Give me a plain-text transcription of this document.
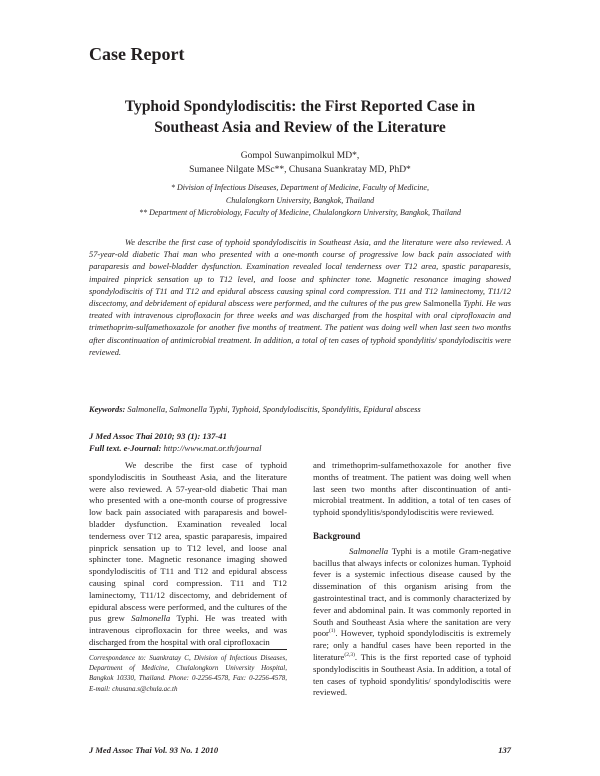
Case Report
Typhoid Spondylodiscitis: the First Reported Case in
Southeast Asia and Review of the Literature
Gompol Suwanpimolkul MD*,
Sumanee Nilgate MSc**, Chusana Suankratay MD, PhD*
* Division of Infectious Diseases, Department of Medicine, Faculty of Medicine,
Chulalongkorn University, Bangkok, Thailand
** Department of Microbiology, Faculty of Medicine, Chulalongkorn University, Bangkok, Thailand

We describe the first case of typhoid spondylodiscitis in Southeast Asia, and the literature were also reviewed. A 57-year-old diabetic Thai man who presented with a one-month course of progressive low back pain associated with paraparesis and bowel-bladder dysfunction. Examination revealed local tenderness over T12 area, spastic paraparesis, impaired pinprick sensation up to T12 level, and loose and sphincter tone. Magnetic resonance imaging showed spondylodiscitis of T11 and T12 and epidural abscess causing spinal cord compression. T11 and T12 laminectomy, T11/12 discectomy, and debridement of epidural abscess were performed, and the cultures of the pus grew Salmonella Typhi. He was treated with intravenous ciprofloxacin for three weeks and was discharged from the hospital with oral ciprofloxacin and trimethoprim-sulfamethoxazole for another five months of treatment. The patient was doing well when last seen two months after discontinuation of antimicrobial treatment. In addition, a total of ten cases of typhoid spondylitis/ spondylodiscitis were reviewed.

Keywords: Salmonella, Salmonella Typhi, Typhoid, Spondylodiscitis, Spondylitis, Epidural abscess
J Med Assoc Thai 2010; 93 (1): 137-41
Full text. e-Journal: http://www.mat.or.th/journal

We describe the first case of typhoid spondylodiscitis in Southeast Asia, and the literature were also reviewed. A 57-year-old diabetic Thai man who presented with a one-month course of progressive low back pain associated with paraparesis and bowel-bladder dysfunction. Examination revealed local tenderness over T12 area, spastic paraparesis, impaired pinprick sensation up to T12 level, and loose anal sphincter tone. Magnetic resonance imaging showed spondylodiscitis of T11 and T12 and epidural abscess causing spinal cord compression. T11 and T12 laminectomy, T11/12 discectomy, and debridement of epidural abscess were performed, and the cultures of the pus grew Salmonella Typhi. He was treated with intravenous ciprofloxacin for three weeks, and was discharged from the hospital with oral ciprofloxacin

and trimethoprim-sulfamethoxazole for another five months of treatment. The patient was doing well when last seen two months after discontinuation of anti-microbial treatment. In addition, a total of ten cases of typhoid spondylitis/spondylodiscitis were reviewed.

Background

Salmonella Typhi is a motile Gram-negative bacillus that always infects or colonizes human. Typhoid fever is a systemic infectious disease caused by the dissemination of this organism arising from the gastrointestinal tract, and is commonly characterized by fever and abdominal pain. It was commonly reported in South and Southeast Asia where the sanitation are very poor$^{(1)}$. However, typhoid spondylodiscitis is extremely rare; only a handful cases have been reported in the literature$^{(2,3)}$. This is the first reported case of typhoid spondylodiscitis in Southeast Asia. In addition, a total of ten cases of typhoid spondylitis/ spondylodiscitis were reviewed.

Correspondence to: Suankratay C, Division of Infectious Diseases, Department of Medicine, Chulalongkorn University Hospital, Bangkok 10330, Thailand. Phone: 0-2256-4578, Fax: 0-2256-4578, E-mail: chusana.s@chula.ac.th
J Med Assoc Thai Vol. 93 No. 1 2010	137
